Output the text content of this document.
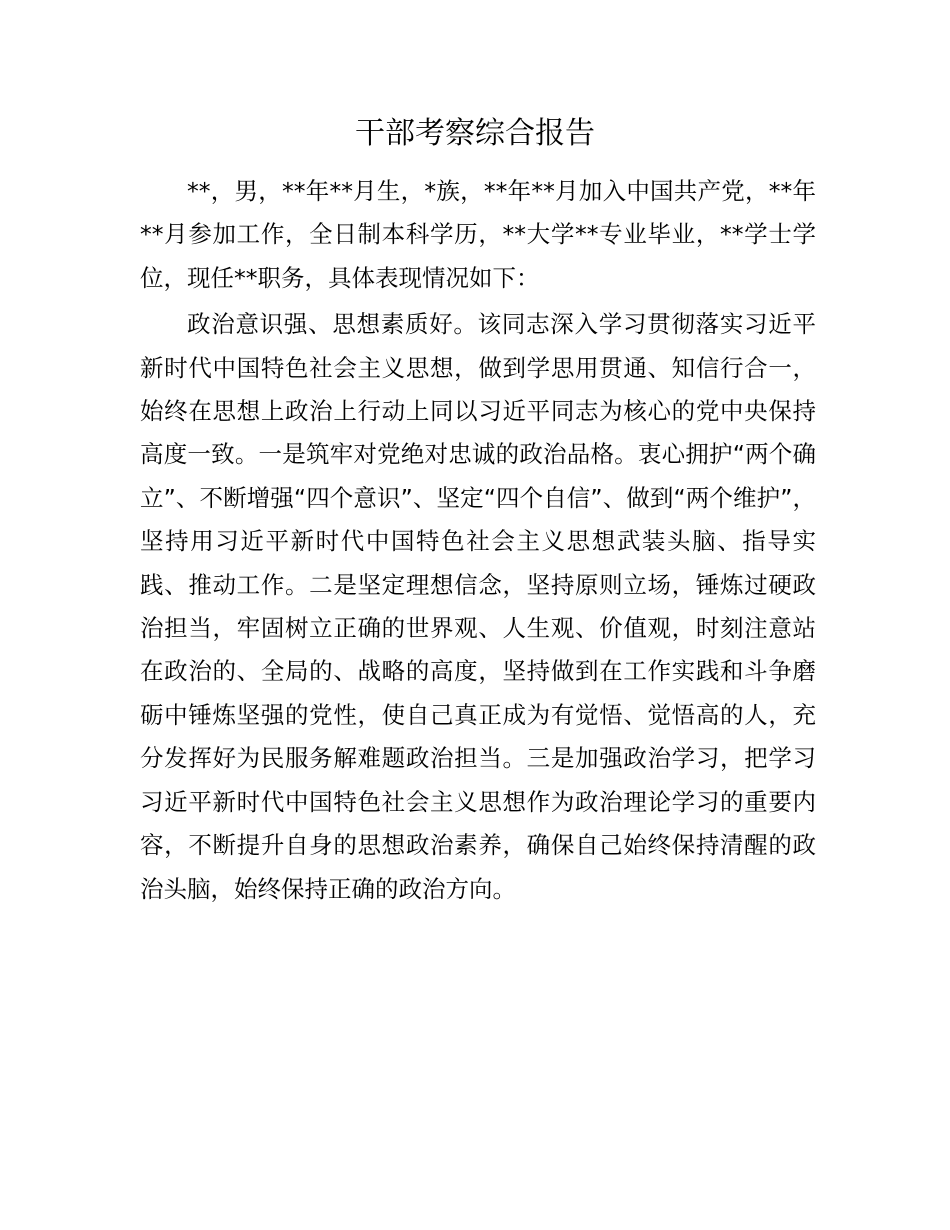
干部考察综合报告

**，男，**年**月生，*族，**年**月加入中国共产党，**年**月参加工作，全日制本科学历，**大学**专业毕业，**学士学位，现任**职务，具体表现情况如下：

政治意识强、思想素质好。该同志深入学习贯彻落实习近平新时代中国特色社会主义思想，做到学思用贯通、知信行合一，始终在思想上政治上行动上同以习近平同志为核心的党中央保持高度一致。一是筑牢对党绝对忠诚的政治品格。衷心拥护“两个确立”、不断增强“四个意识”、坚定“四个自信”、做到“两个维护”，坚持用习近平新时代中国特色社会主义思想武装头脑、指导实践、推动工作。二是坚定理想信念，坚持原则立场，锤炼过硬政治担当，牢固树立正确的世界观、人生观、价值观，时刻注意站在政治的、全局的、战略的高度，坚持做到在工作实践和斗争磨砺中锤炼坚强的党性，使自己真正成为有觉悟、觉悟高的人，充分发挥好为民服务解难题政治担当。三是加强政治学习，把学习习近平新时代中国特色社会主义思想作为政治理论学习的重要内容，不断提升自身的思想政治素养，确保自己始终保持清醒的政治头脑，始终保持正确的政治方向。
